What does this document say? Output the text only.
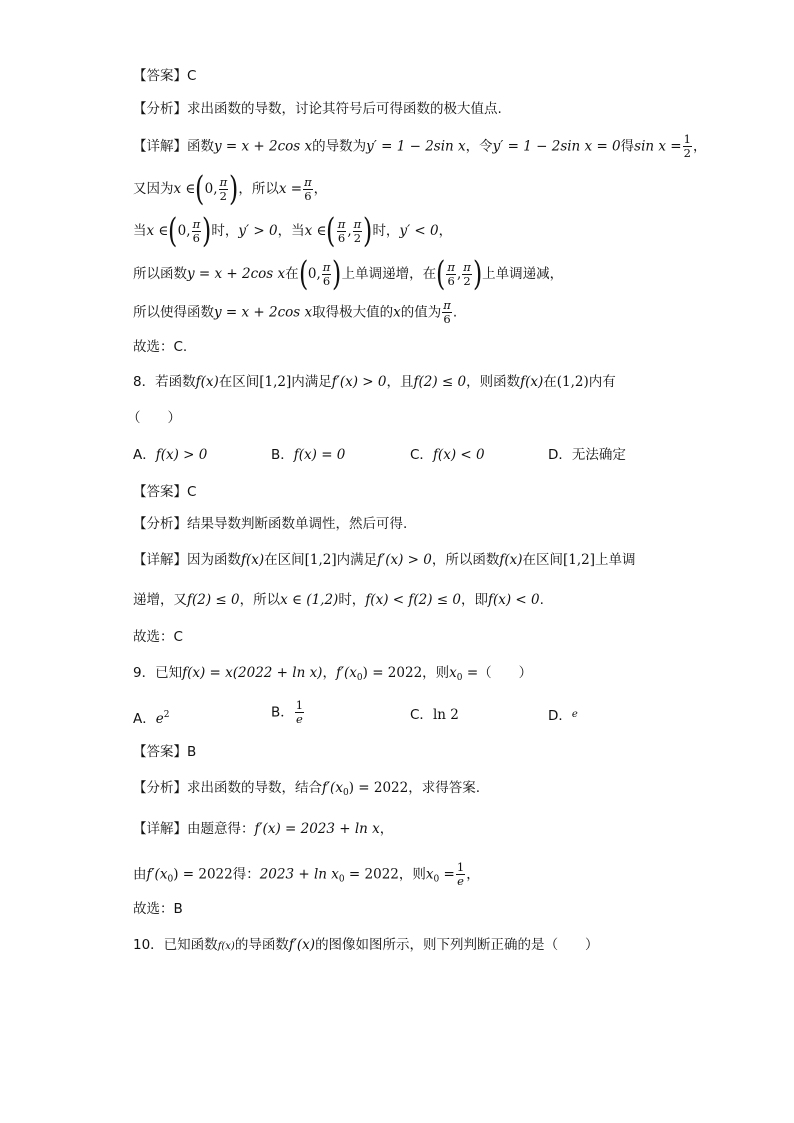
【答案】C
【分析】求出函数的导数，讨论其符号后可得函数的极大值点.
【详解】函数y = x + 2cos x的导数为y′ = 1 − 2sin x，令y′ = 1 − 2sin x = 0得$\sin x = \frac{1}{2}$ ，
又因为x ∈(0, $\frac{\pi}{2}$ )，所以$x = \frac{\pi}{6}$ ，
当x ∈(0, $\frac{\pi}{6}$ )时，y′ > 0，当x ∈( $\frac{\pi}{6}$ , $\frac{\pi}{2}$ )时，y′ < 0，
所以函数y = x + 2cos x在(0, $\frac{\pi}{6}$ )上单调递增，在( $\frac{\pi}{6}$ , $\frac{\pi}{2}$ )上单调递减，
所以使得函数y = x + 2cos x取得极大值的x的值为 $\frac{\pi}{6}$ .
故选：C.
8．若函数f(x)在区间[1,2]内满足f′(x) > 0，且f(2) ≤ 0，则函数f(x)在(1,2)内有
（　　）
A．f(x) > 0	B．f(x) = 0	C．f(x) < 0	D．无法确定
【答案】C
【分析】结果导数判断函数单调性，然后可得.
【详解】因为函数f(x)在区间[1,2]内满足f′(x) > 0，所以函数f(x)在区间[1,2]上单调
递增，又f(2) ≤ 0，所以x ∈ (1,2)时，f(x) < f(2) ≤ 0，即f(x) < 0.
故选：C
9．已知f(x) = x(2022 + ln x)，$f'(x_0) = 2022$，则$x_0$ =（　　）
A．$e^2$	B． $\frac{1}{e}$	C．ln 2	D．$^e$
【答案】B
【分析】求出函数的导数，结合$f'(x_0) = 2022$，求得答案.
【详解】由题意得：f′(x) = 2023 + ln x，
由$f'(x_0) = 2022$得：$2023 + \ln x_0 = 2022$，则$x_0 = \frac{1}{e}$ ，
故选：B
10．已知函数f(x)的导函数f′(x)的图像如图所示，则下列判断正确的是（　　）
